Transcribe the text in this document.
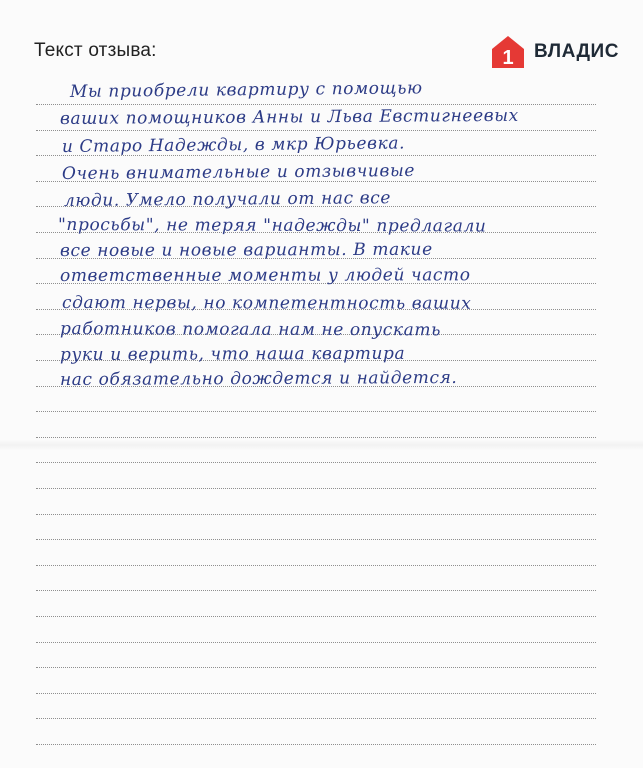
Текст отзыва:	1 ВЛАДИС
Мы приобрели квартиру с помощью
ваших помощников Анны и Льва Евстигнеевых
и Старо Надежды, в мкр Юрьевка.
Очень внимательные и отзывчивые
люди. Умело получали от нас все
"просьбы", не теряя "надежды" предлагали
все новые и новые варианты. В такие
ответственные моменты у людей часто
сдают нервы, но компетентность ваших
работников помогала нам не опускать
руки и верить, что наша квартира
нас обязательно дождется и найдется.
